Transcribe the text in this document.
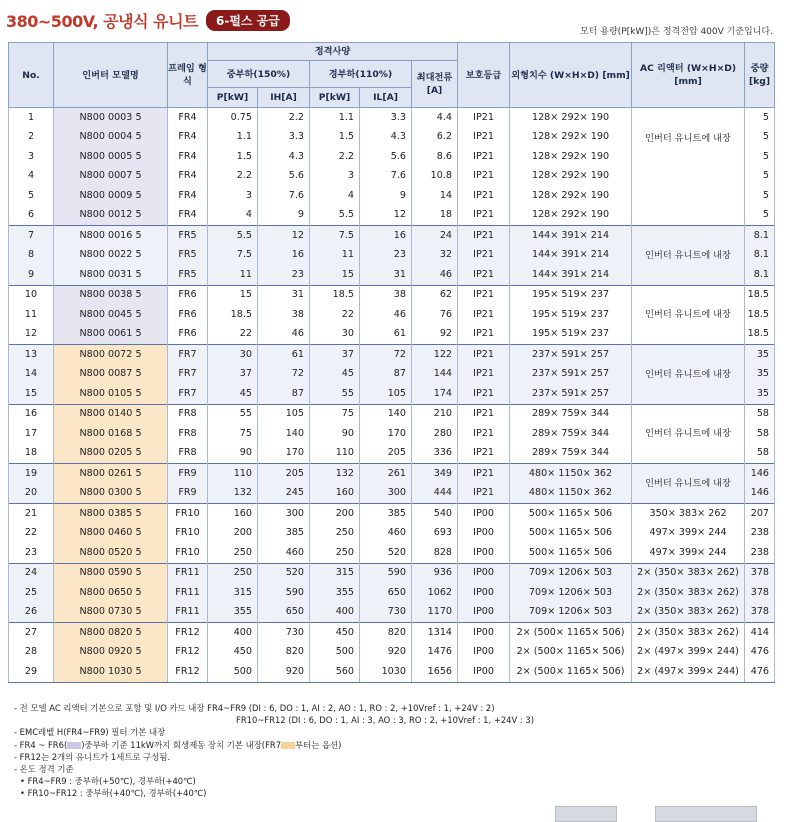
380~500V, 공냉식 유니트	6-펄스 공급
모터 용량(P[kW])은 정격전압 400V 기준입니다.
No.	인버터 모델명	프레임 형식	정격사양					보호등급	외형치수 (W×H×D) [mm]	AC 리액터 (W×H×D) [mm]	중량 [kg]
			중부하(150%)		경부하(110%)		최대전류 [A]				
			P[kW]	IH[A]	P[kW]	IL[A]					
1	N800 0003 5	FR4	0.75	2.2	1.1	3.3	4.4	IP21	128× 292× 190	인버터 유니트에 내장	5
2	N800 0004 5	FR4	1.1	3.3	1.5	4.3	6.2	IP21	128× 292× 190		5
3	N800 0005 5	FR4	1.5	4.3	2.2	5.6	8.6	IP21	128× 292× 190		5
4	N800 0007 5	FR4	2.2	5.6	3	7.6	10.8	IP21	128× 292× 190		5
5	N800 0009 5	FR4	3	7.6	4	9	14	IP21	128× 292× 190		5
6	N800 0012 5	FR4	4	9	5.5	12	18	IP21	128× 292× 190		5
7	N800 0016 5	FR5	5.5	12	7.5	16	24	IP21	144× 391× 214	인버터 유니트에 내장	8.1
8	N800 0022 5	FR5	7.5	16	11	23	32	IP21	144× 391× 214		8.1
9	N800 0031 5	FR5	11	23	15	31	46	IP21	144× 391× 214		8.1
10	N800 0038 5	FR6	15	31	18.5	38	62	IP21	195× 519× 237	인버터 유니트에 내장	18.5
11	N800 0045 5	FR6	18.5	38	22	46	76	IP21	195× 519× 237		18.5
12	N800 0061 5	FR6	22	46	30	61	92	IP21	195× 519× 237		18.5
13	N800 0072 5	FR7	30	61	37	72	122	IP21	237× 591× 257	인버터 유니트에 내장	35
14	N800 0087 5	FR7	37	72	45	87	144	IP21	237× 591× 257		35
15	N800 0105 5	FR7	45	87	55	105	174	IP21	237× 591× 257		35
16	N800 0140 5	FR8	55	105	75	140	210	IP21	289× 759× 344	인버터 유니트에 내장	58
17	N800 0168 5	FR8	75	140	90	170	280	IP21	289× 759× 344		58
18	N800 0205 5	FR8	90	170	110	205	336	IP21	289× 759× 344		58
19	N800 0261 5	FR9	110	205	132	261	349	IP21	480× 1150× 362	인버터 유니트에 내장	146
20	N800 0300 5	FR9	132	245	160	300	444	IP21	480× 1150× 362		146
21	N800 0385 5	FR10	160	300	200	385	540	IP00	500× 1165× 506	350× 383× 262	207
22	N800 0460 5	FR10	200	385	250	460	693	IP00	500× 1165× 506	497× 399× 244	238
23	N800 0520 5	FR10	250	460	250	520	828	IP00	500× 1165× 506	497× 399× 244	238
24	N800 0590 5	FR11	250	520	315	590	936	IP00	709× 1206× 503	2× (350× 383× 262)	378
25	N800 0650 5	FR11	315	590	355	650	1062	IP00	709× 1206× 503	2× (350× 383× 262)	378
26	N800 0730 5	FR11	355	650	400	730	1170	IP00	709× 1206× 503	2× (350× 383× 262)	378
27	N800 0820 5	FR12	400	730	450	820	1314	IP00	2× (500× 1165× 506)	2× (350× 383× 262)	414
28	N800 0920 5	FR12	450	820	500	920	1476	IP00	2× (500× 1165× 506)	2× (497× 399× 244)	476
29	N800 1030 5	FR12	500	920	560	1030	1656	IP00	2× (500× 1165× 506)	2× (497× 399× 244)	476
- 전 모델 AC 리액터 기본으로 포함 및 I/O 카드 내장 FR4~FR9 (DI : 6, DO : 1, AI : 2, AO : 1, RO : 2, +10Vref : 1, +24V : 2)
FR10~FR12 (DI : 6, DO : 1, AI : 3, AO : 3, RO : 2, +10Vref : 1, +24V : 3)
- EMC레벨 H(FR4~FR9) 필터 기본 내장
- FR4 ~ FR6( )중부하 기준 11kW까지 회생제동 장치 기본 내장(FR7 부터는 옵션)
- FR12는 2개의 유니트가 1세트로 구성됨.
- 온도 정격 기준
• FR4~FR9 : 중부하(+50℃), 경부하(+40℃)
• FR10~FR12 : 중부하(+40℃), 경부하(+40℃)
